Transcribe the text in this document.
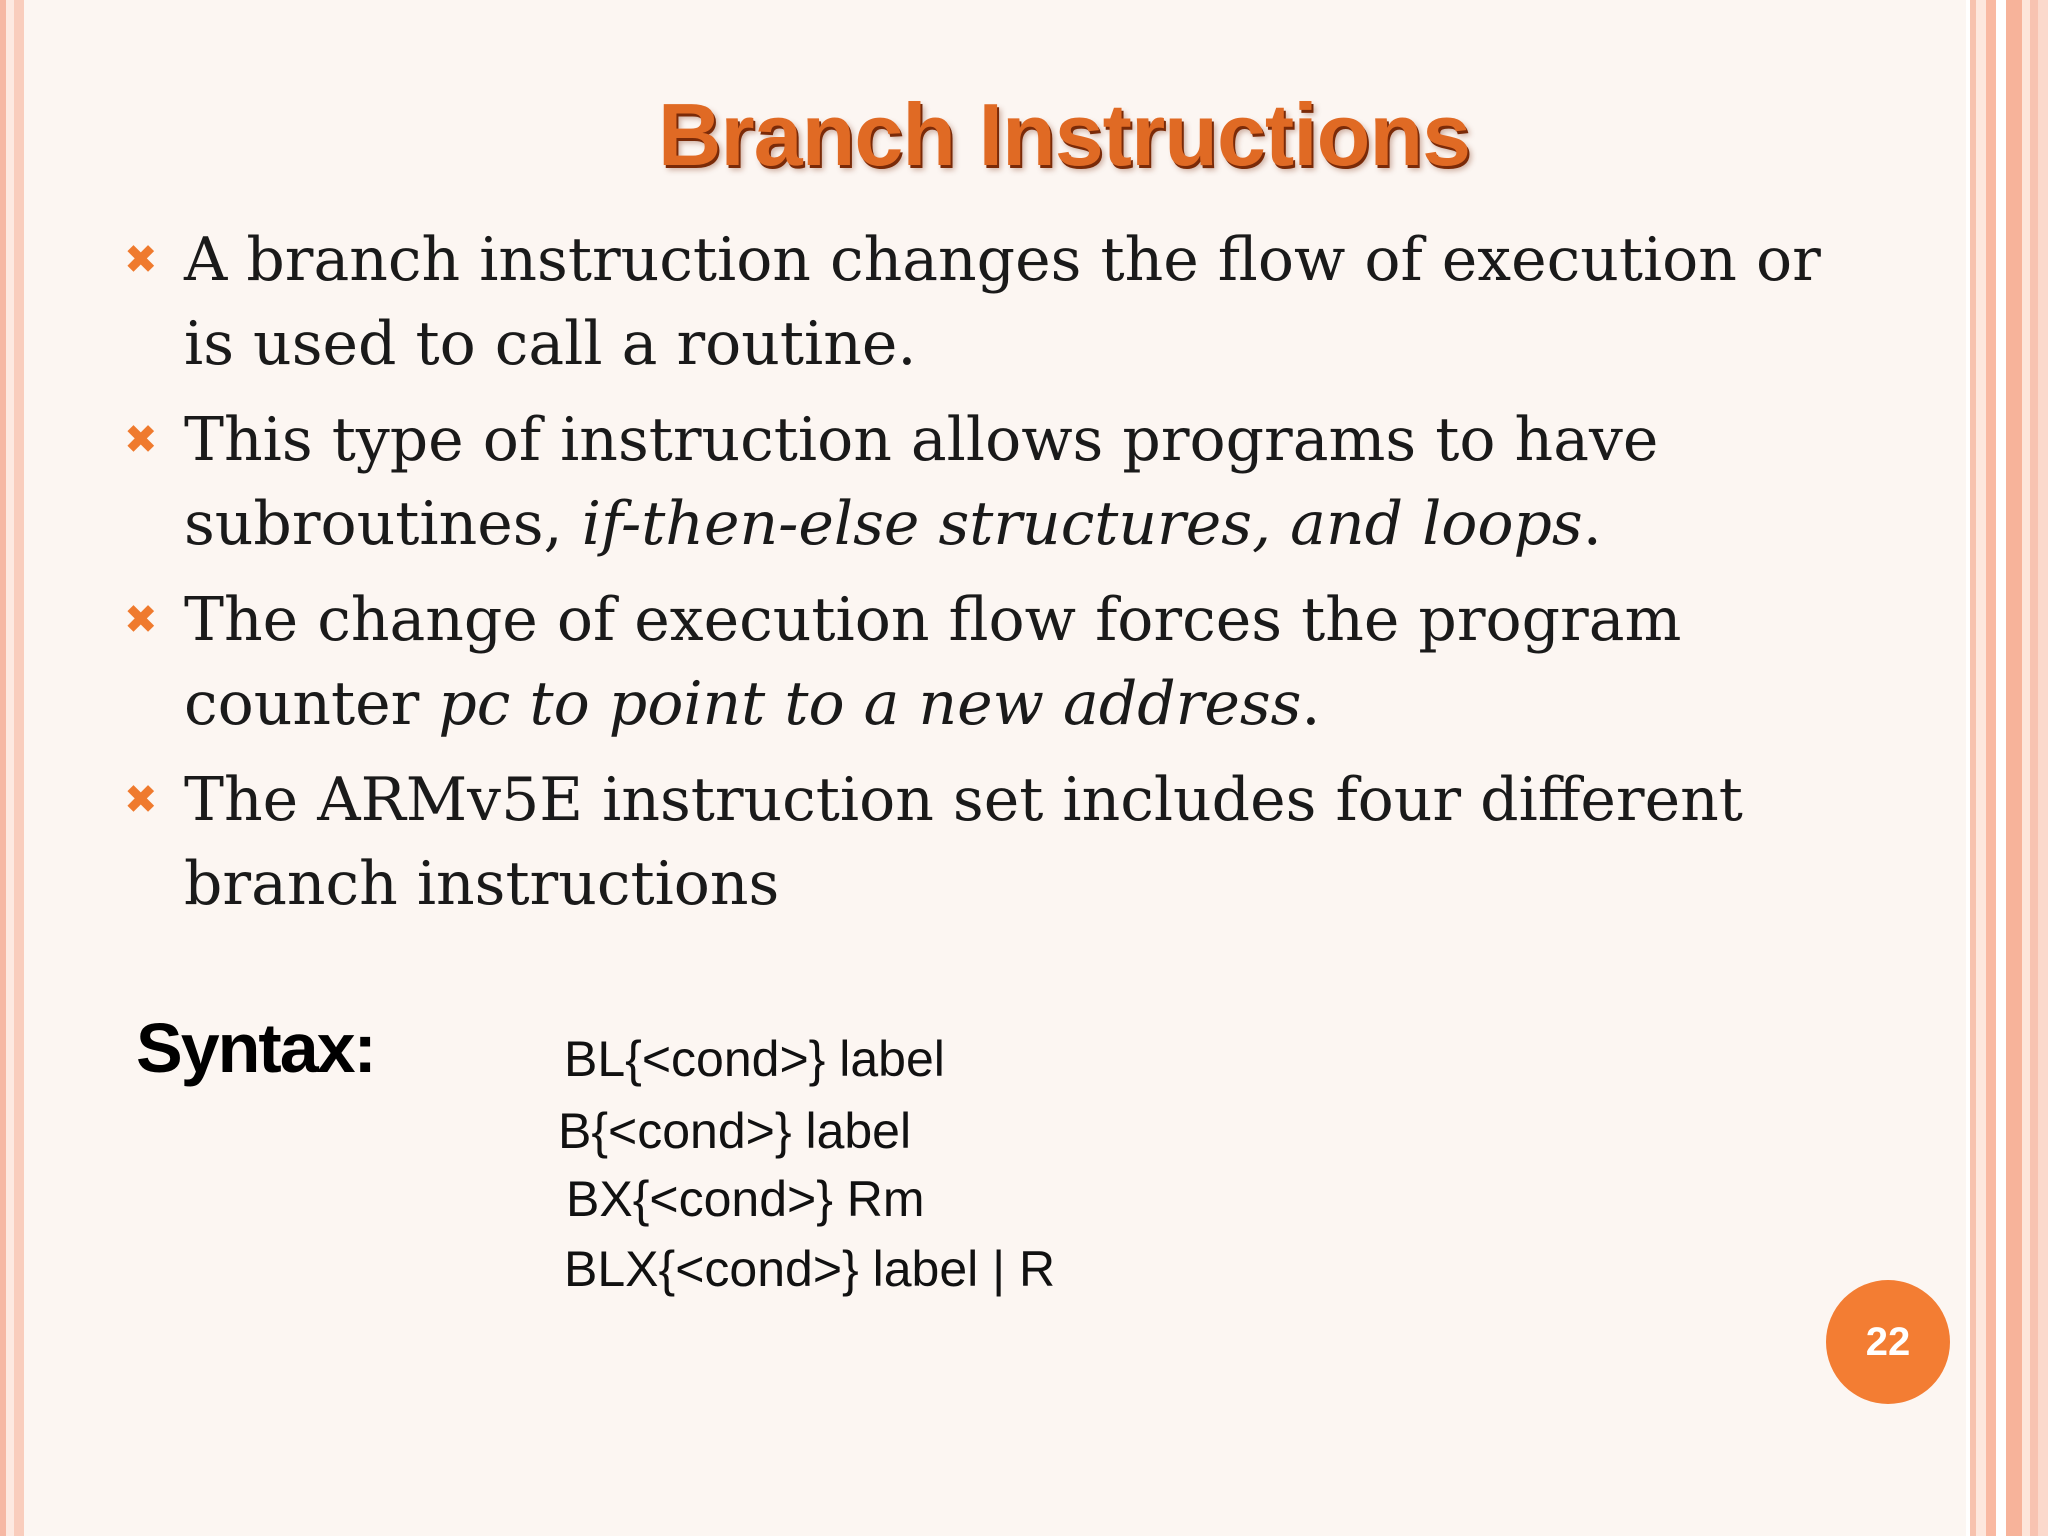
Branch Instructions
✖ A branch instruction changes the flow of execution or is used to call a routine.
✖ This type of instruction allows programs to have subroutines, if-then-else structures, and loops.
✖ The change of execution flow forces the program counter pc to point to a new address.
✖ The ARMv5E instruction set includes four different branch instructions
Syntax:	BL{<cond>} label
B{<cond>} label
BX{<cond>} Rm
BLX{<cond>} label | R
22
